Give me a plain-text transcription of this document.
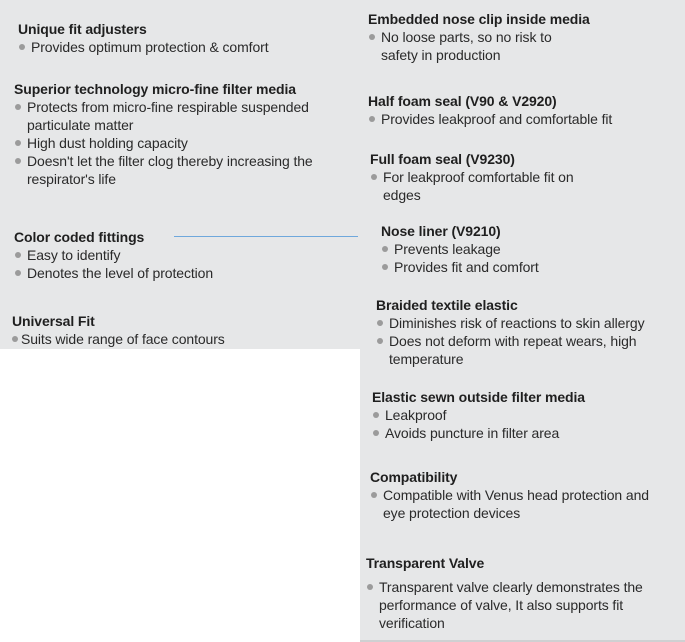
Unique fit adjusters
Provides optimum protection & comfort
Superior technology micro-fine filter media
Protects from micro-fine respirable suspended particulate matter
High dust holding capacity
Doesn't let the filter clog thereby increasing the respirator's life
Color coded fittings
Easy to identify
Denotes the level of protection
Universal Fit
Suits wide range of face contours
Embedded nose clip inside media
No loose parts, so no risk to safety in production
Half foam seal (V90 & V2920)
Provides leakproof and comfortable fit
Full foam seal (V9230)
For leakproof comfortable fit on edges
Nose liner (V9210)
Prevents leakage
Provides fit and comfort
Braided textile elastic
Diminishes risk of reactions to skin allergy
Does not deform with repeat wears, high temperature
Elastic sewn outside filter media
Leakproof
Avoids puncture in filter area
Compatibility
Compatible with Venus head protection and eye protection devices
Transparent Valve
Transparent valve clearly demonstrates the performance of valve, It also supports fit verification
